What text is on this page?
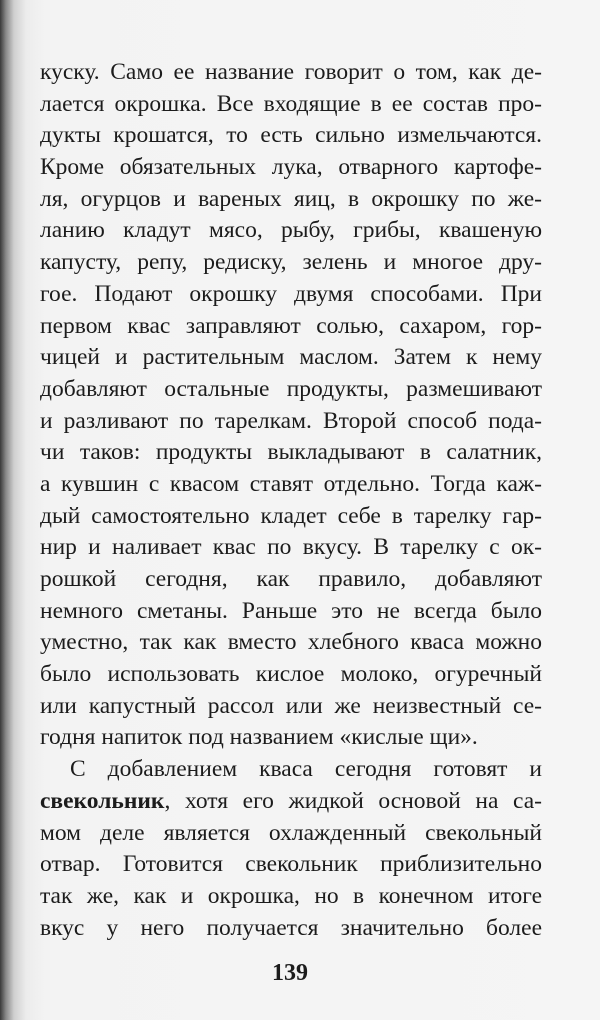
куску. Само ее название говорит о том, как де-
лается окрошка. Все входящие в ее состав про-
дукты крошатся, то есть сильно измельчаются.
Кроме обязательных лука, отварного картофе-
ля, огурцов и вареных яиц, в окрошку по же-
ланию кладут мясо, рыбу, грибы, квашеную
капусту, репу, редиску, зелень и многое дру-
гое. Подают окрошку двумя способами. При
первом квас заправляют солью, сахаром, гор-
чицей и растительным маслом. Затем к нему
добавляют остальные продукты, размешивают
и разливают по тарелкам. Второй способ пода-
чи таков: продукты выкладывают в салатник,
а кувшин с квасом ставят отдельно. Тогда каж-
дый самостоятельно кладет себе в тарелку гар-
нир и наливает квас по вкусу. В тарелку с ок-
рошкой сегодня, как правило, добавляют
немного сметаны. Раньше это не всегда было
уместно, так как вместо хлебного кваса можно
было использовать кислое молоко, огуречный
или капустный рассол или же неизвестный се-
годня напиток под названием «кислые щи».
С добавлением кваса сегодня готовят и
свекольник, хотя его жидкой основой на са-
мом деле является охлажденный свекольный
отвар. Готовится свекольник приблизительно
так же, как и окрошка, но в конечном итоге
вкус у него получается значительно более
139
